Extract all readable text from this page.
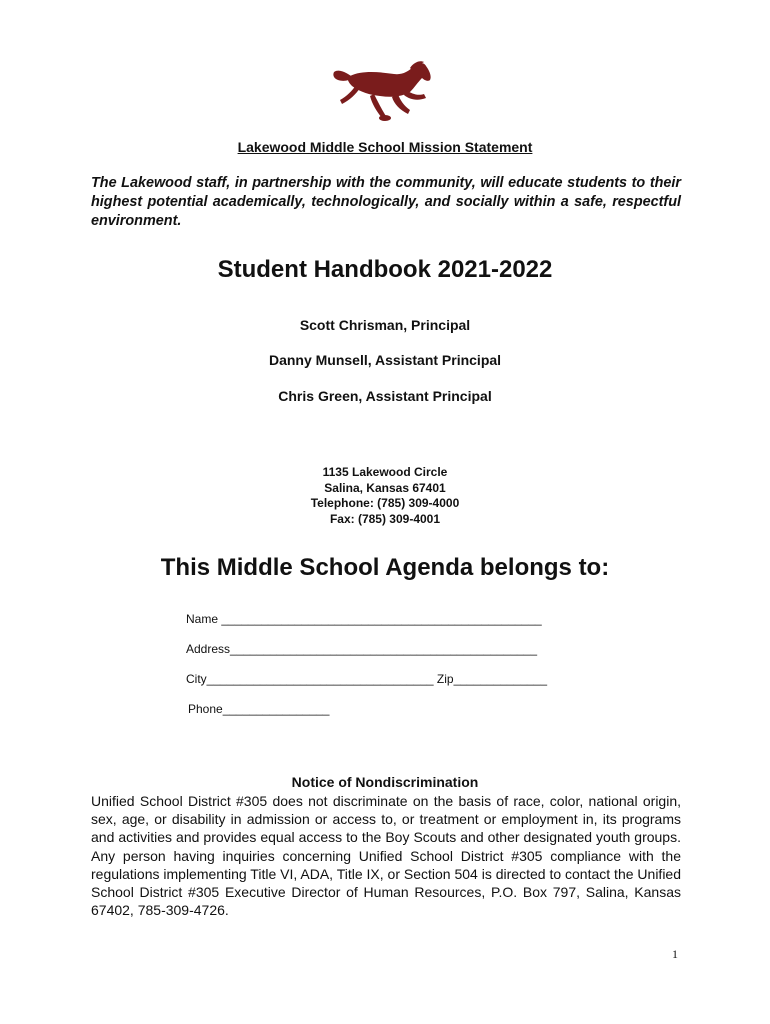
Lakewood Middle School Mission Statement
The Lakewood staff, in partnership with the community, will educate students to their highest potential academically, technologically, and socially within a safe, respectful environment.
Student Handbook 2021-2022
Scott Chrisman, Principal
Danny Munsell, Assistant Principal
Chris Green, Assistant Principal
1135 Lakewood Circle
Salina, Kansas 67401
Telephone: (785) 309-4000
Fax: (785) 309-4001
This Middle School Agenda belongs to:
Name ________________________________________________
Address______________________________________________
City__________________________________ Zip______________
Phone________________
Notice of Nondiscrimination
Unified School District #305 does not discriminate on the basis of race, color, national origin, sex, age, or disability in admission or access to, or treatment or employment in, its programs and activities and provides equal access to the Boy Scouts and other designated youth groups. Any person having inquiries concerning Unified School District #305 compliance with the regulations implementing Title VI, ADA, Title IX, or Section 504 is directed to contact the Unified School District #305 Executive Director of Human Resources, P.O. Box 797, Salina, Kansas 67402, 785-309-4726.
1
